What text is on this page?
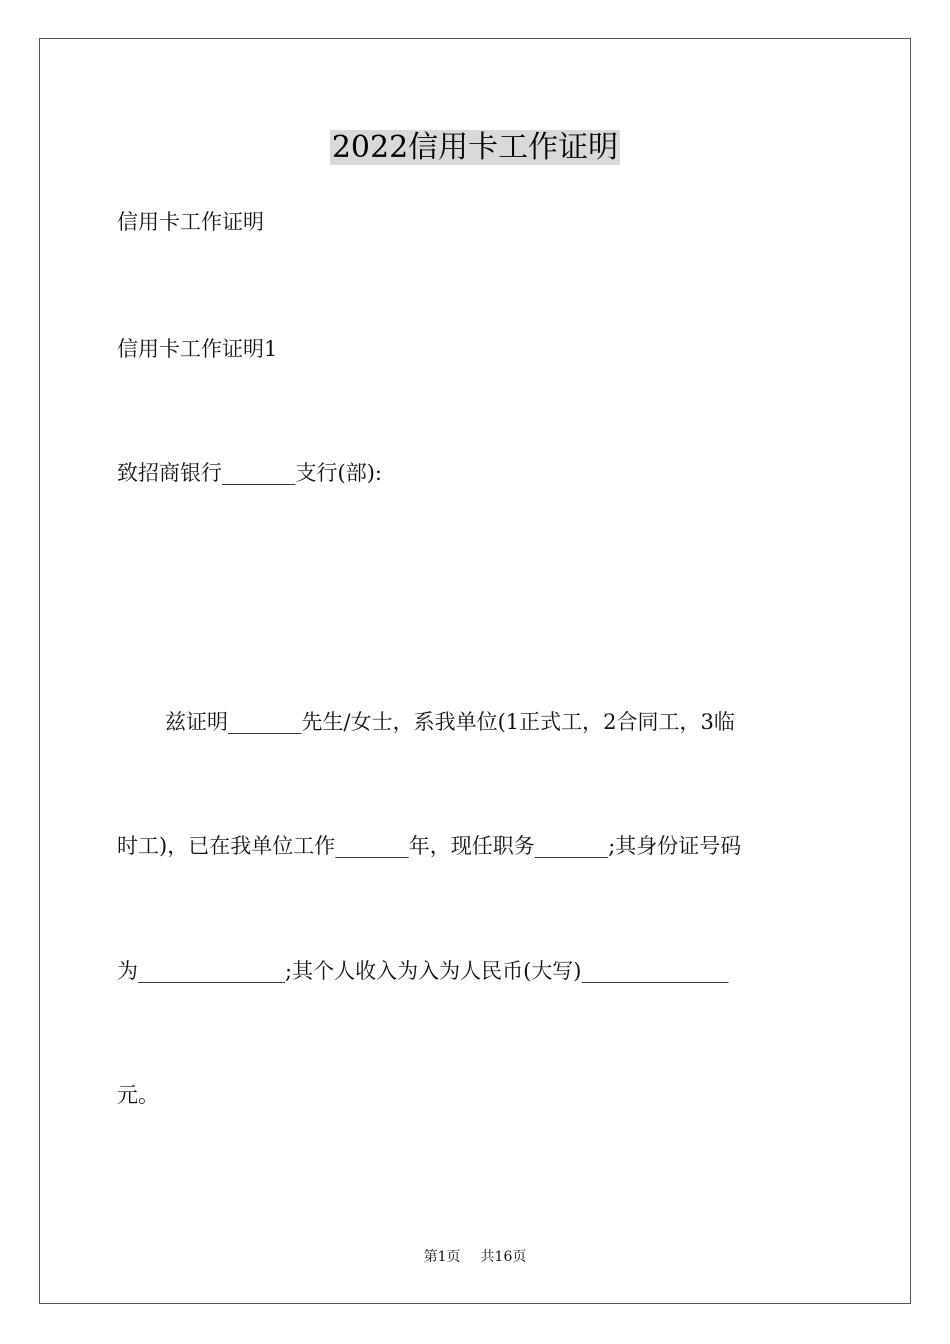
2022信用卡工作证明
信用卡工作证明
信用卡工作证明1
致招商银行_______支行(部):
兹证明_______先生/女士，系我单位(1正式工，2合同工，3临
时工)，已在我单位工作_______年，现任职务_______;其身份证号码
为______________;其个人收入为入为人民币(大写)______________
元。
第1页 共16页
